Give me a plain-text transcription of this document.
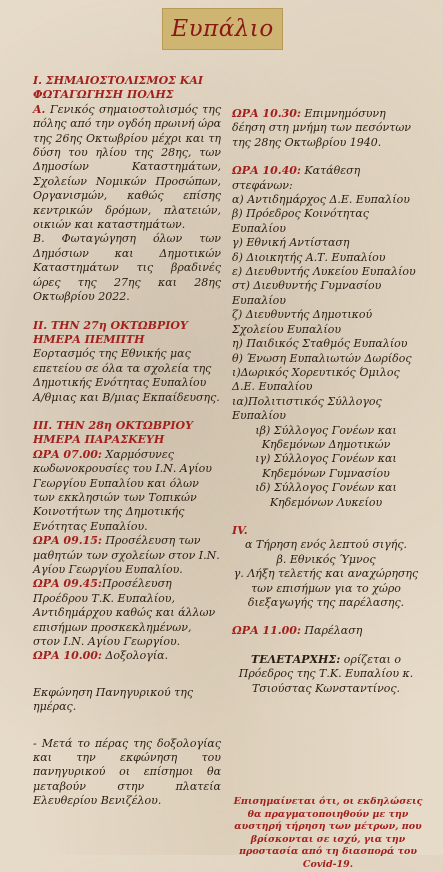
Ευπάλιο
Ι. ΣΗΜΑΙΟΣΤΟΛΙΣΜΟΣ ΚΑΙ ΦΩΤΑΓΩΓΗΣΗ ΠΟΛΗΣ

Α. Γενικός σημαιοστολισμός της πόλης από την ογδόη πρωινή ώρα της 26ης Οκτωβρίου μέχρι και τη δύση του ηλίου της 28ης, των Δημοσίων Καταστημάτων, Σχολείων Νομικών Προσώπων, Οργανισμών, καθώς επίσης κεντρικών δρόμων, πλατειών, οικιών και καταστημάτων.

Β. Φωταγώγηση όλων των Δημόσιων και Δημοτικών Καταστημάτων τις βραδινές ώρες της 27ης και 28ης Οκτωβρίου 2022.

ΙΙ. ΤΗΝ 27η ΟΚΤΩΒΡΙΟΥ ΗΜΕΡΑ ΠΕΜΠΤΗ

Εορτασμός της Εθνικής μας επετείου σε όλα τα σχολεία της Δημοτικής Ενότητας Ευπαλίου Α/θμιας και Β/μιας Εκπαίδευσης.

ΙΙΙ. ΤΗΝ 28η ΟΚΤΩΒΡΙΟΥ ΗΜΕΡΑ ΠΑΡΑΣΚΕΥΗ

ΩΡΑ 07.00: Χαρμόσυνες κωδωνοκρουσίες του Ι.Ν. Αγίου Γεωργίου Ευπαλίου και όλων των εκκλησιών των Τοπικών Κοινοτήτων της Δημοτικής Ενότητας Ευπαλίου.

ΩΡΑ 09.15: Προσέλευση των μαθητών των σχολείων στον Ι.Ν. Αγίου Γεωργίου Ευπαλίου.

ΩΡΑ 09.45:Προσέλευση Προέδρου Τ.Κ. Ευπαλίου, Αντιδημάρχου καθώς και άλλων επισήμων προσκεκλημένων, στον Ι.Ν. Αγίου Γεωργίου.

ΩΡΑ 10.00: Δοξολογία.

Εκφώνηση Πανηγυρικού της ημέρας.

- Μετά το πέρας της δοξολογίας και την εκφώνηση του πανηγυρικού οι επίσημοι θα μεταβούν στην πλατεία Ελευθερίου Βενιζέλου.

ΩΡΑ 10.30: Επιμνημόσυνη δέηση στη μνήμη των πεσόντων της 28ης Οκτωβρίου 1940.

ΩΡΑ 10.40: Κατάθεση στεφάνων:

α) Αντιδημάρχος Δ.Ε. Ευπαλίου
β) Πρόεδρος Κοινότητας Ευπαλίου
γ) Εθνική Αντίσταση
δ) Διοικητής Α.Τ. Ευπαλίου
ε) Διευθυντής Λυκείου Ευπαλίου
στ) Διευθυντής Γυμνασίου Ευπαλίου
ζ) Διευθυντής Δημοτικού Σχολείου Ευπαλίου
η) Παιδικός Σταθμός Ευπαλίου
θ) Ένωση Ευπαλιωτών Δωρίδος
ι)Δωρικός Χορευτικός Όμιλος Δ.Ε. Ευπαλίου
ια)Πολιτιστικός Σύλλογος Ευπαλίου
ιβ) Σύλλογος Γονέων και Κηδεμόνων Δημοτικών
ιγ) Σύλλογος Γονέων και Κηδεμόνων Γυμνασίου
ιδ) Σύλλογος Γονέων και Κηδεμόνων Λυκείου
IV.
α Τήρηση ενός λεπτού σιγής.
β. Εθνικός Ύμνος
γ. Λήξη τελετής και αναχώρησης των επισήμων για το χώρο διεξαγωγής της παρέλασης.

ΩΡΑ 11.00: Παρέλαση

ΤΕΛΕΤΑΡΧΗΣ: ορίζεται ο Πρόεδρος της Τ.Κ. Ευπαλίου κ. Τσιούστας Κωνσταντίνος.

Επισημαίνεται ότι, οι εκδηλώσεις θα πραγματοποιηθούν με την αυστηρή τήρηση των μέτρων, που βρίσκονται σε ισχύ, για την προστασία από τη διασπορά του Covid-19.
